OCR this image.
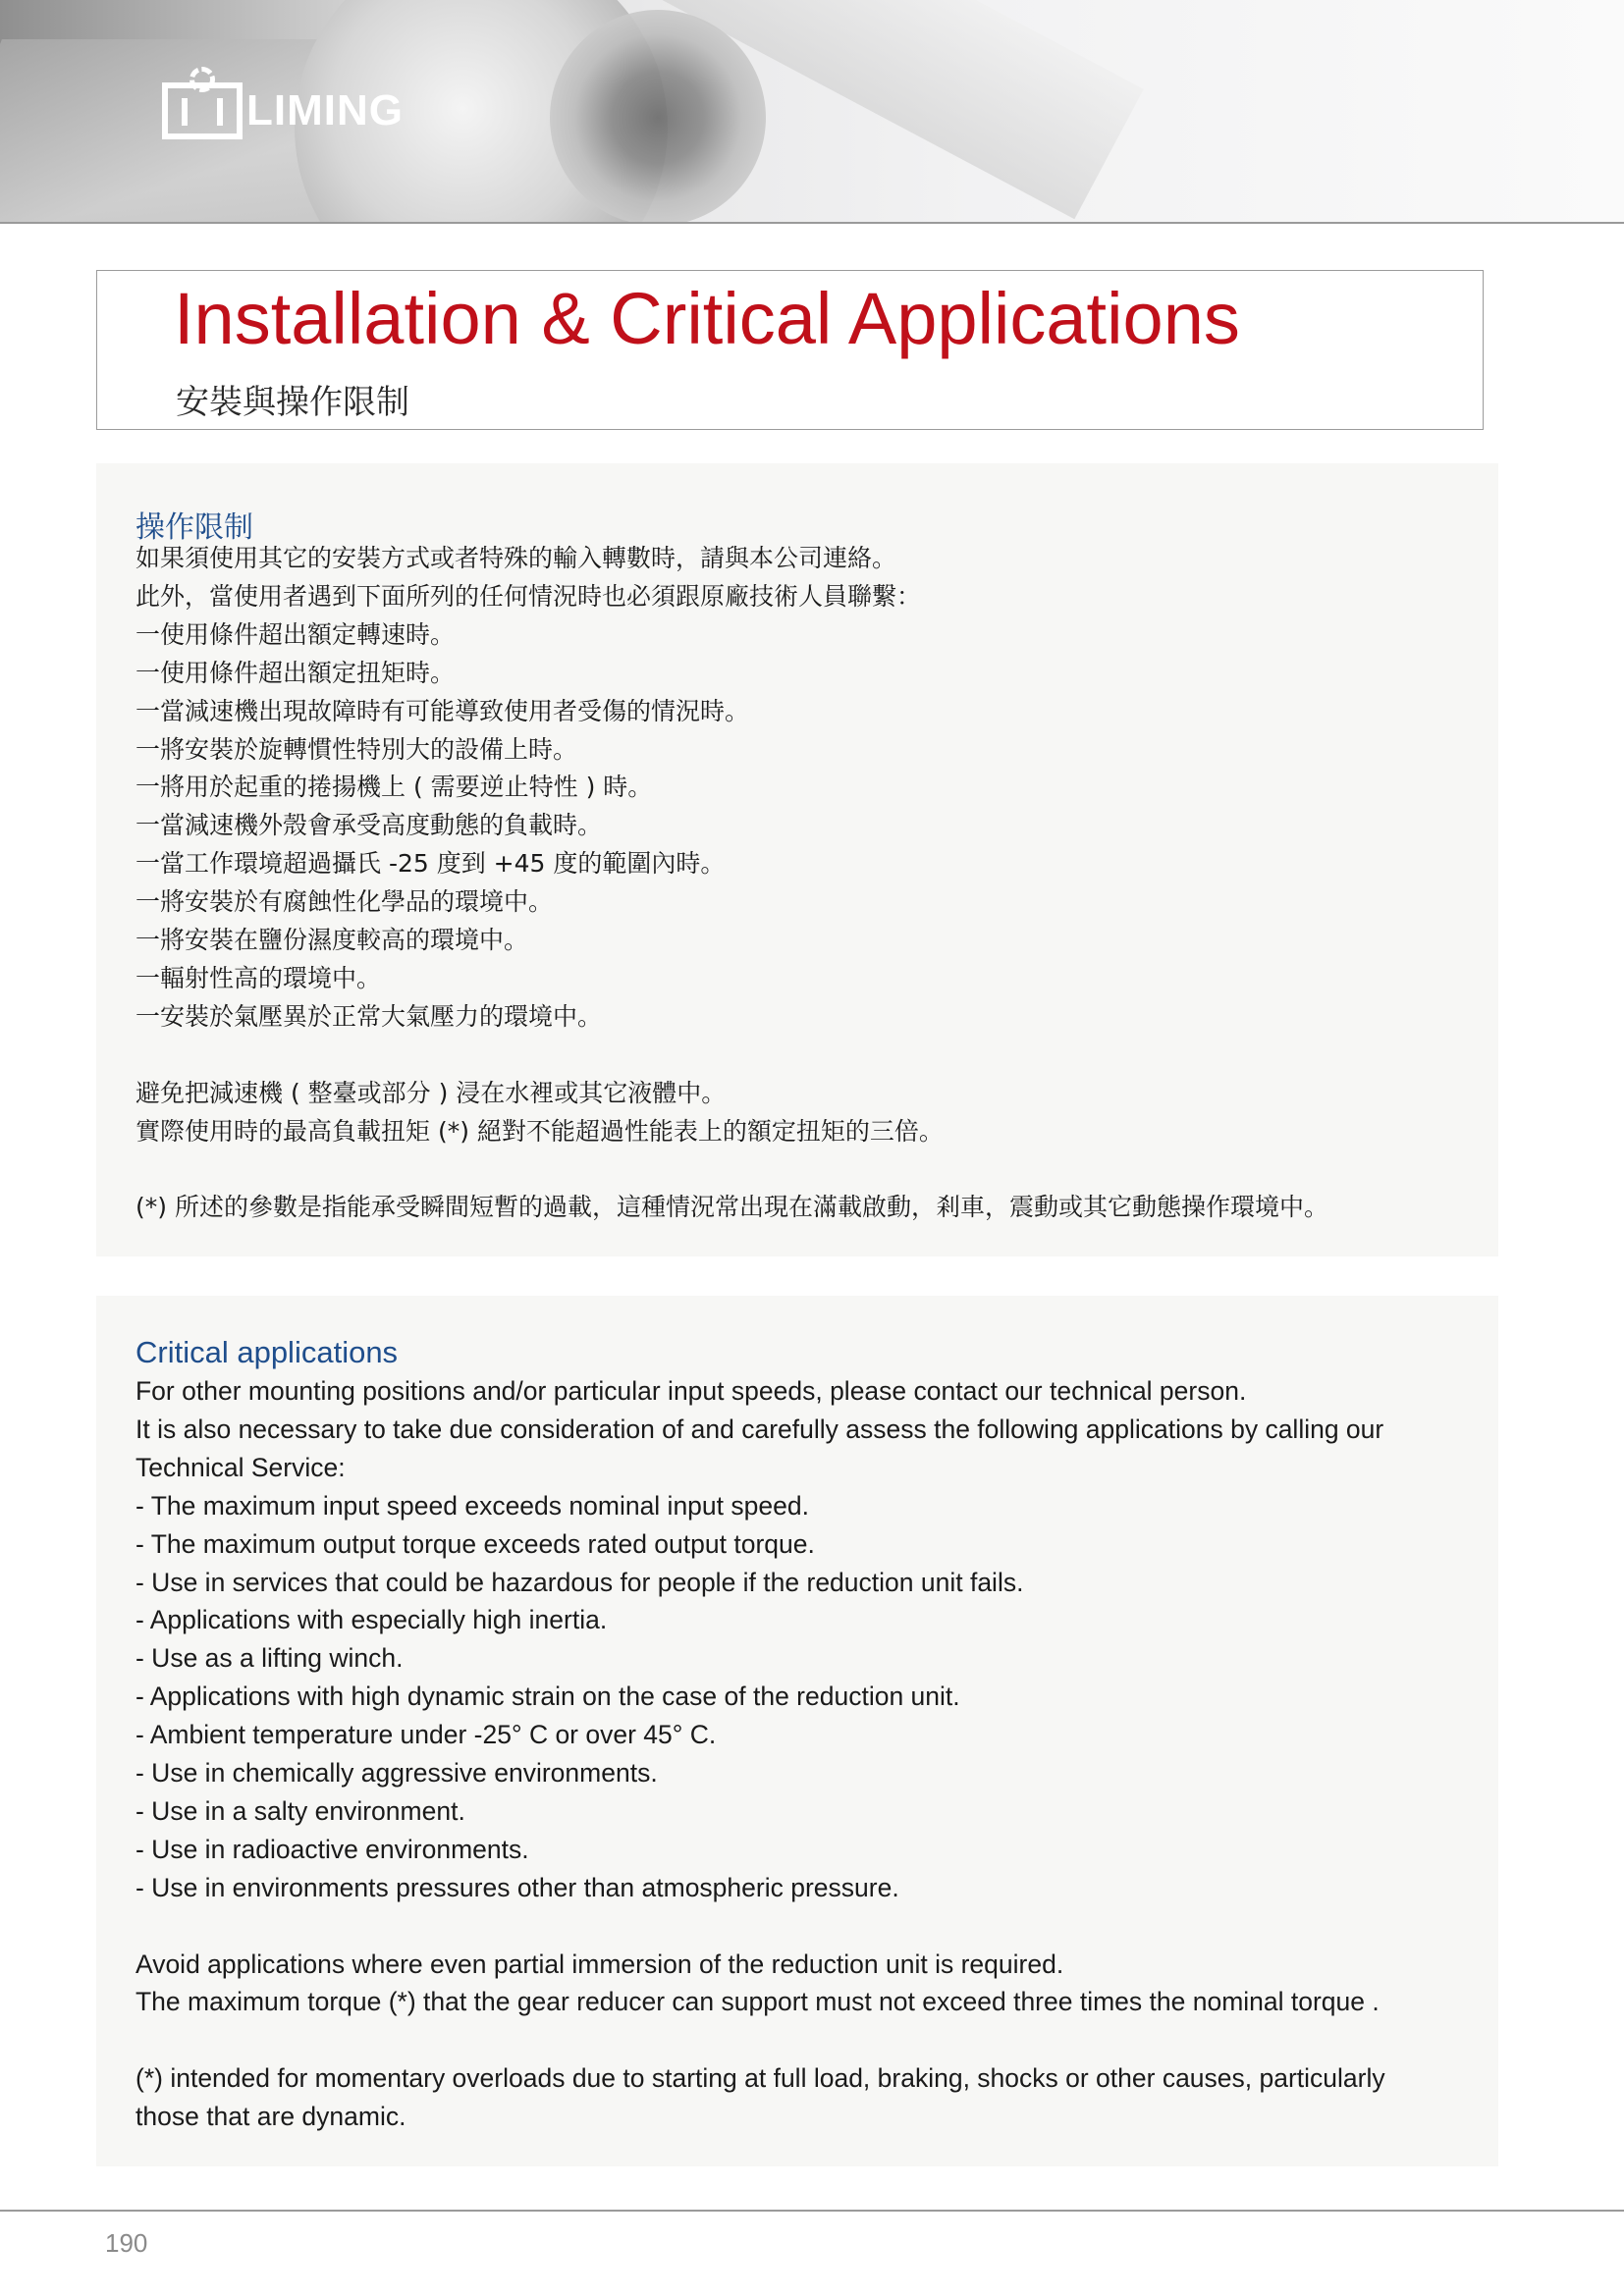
LIMING
Installation & Critical Applications
安裝與操作限制
操作限制
如果須使用其它的安裝方式或者特殊的輸入轉數時，請與本公司連絡。
此外，當使用者遇到下面所列的任何情況時也必須跟原廠技術人員聯繫：
一使用條件超出額定轉速時。
一使用條件超出額定扭矩時。
一當減速機出現故障時有可能導致使用者受傷的情況時。
一將安裝於旋轉慣性特別大的設備上時。
一將用於起重的捲揚機上 ( 需要逆止特性 ) 時。
一當減速機外殼會承受高度動態的負載時。
一當工作環境超過攝氏 -25 度到 +45 度的範圍內時。
一將安裝於有腐蝕性化學品的環境中。
一將安裝在鹽份濕度較高的環境中。
一輻射性高的環境中。
一安裝於氣壓異於正常大氣壓力的環境中。
避免把減速機 ( 整臺或部分 ) 浸在水裡或其它液體中。
實際使用時的最高負載扭矩 (*) 絕對不能超過性能表上的額定扭矩的三倍。
(*) 所述的參數是指能承受瞬間短暫的過載，這種情況常出現在滿載啟動，剎車，震動或其它動態操作環境中。
Critical applications
For other mounting positions and/or particular input speeds, please contact our technical person.
It is also necessary to take due consideration of and carefully assess the following applications by calling our
Technical Service:
- The maximum input speed exceeds nominal input speed.
- The maximum output torque exceeds rated output torque.
- Use in services that could be hazardous for people if the reduction unit fails.
- Applications with especially high inertia.
- Use as a lifting winch.
- Applications with high dynamic strain on the case of the reduction unit.
- Ambient temperature under -25° C or over 45° C.
- Use in chemically aggressive environments.
- Use in a salty environment.
- Use in radioactive environments.
- Use in environments pressures other than atmospheric pressure.
Avoid applications where even partial immersion of the reduction unit is required.
The maximum torque (*) that the gear reducer can support must not exceed three times the nominal torque .
(*) intended for momentary overloads due to starting at full load, braking, shocks or other causes, particularly
those that are dynamic.
190
